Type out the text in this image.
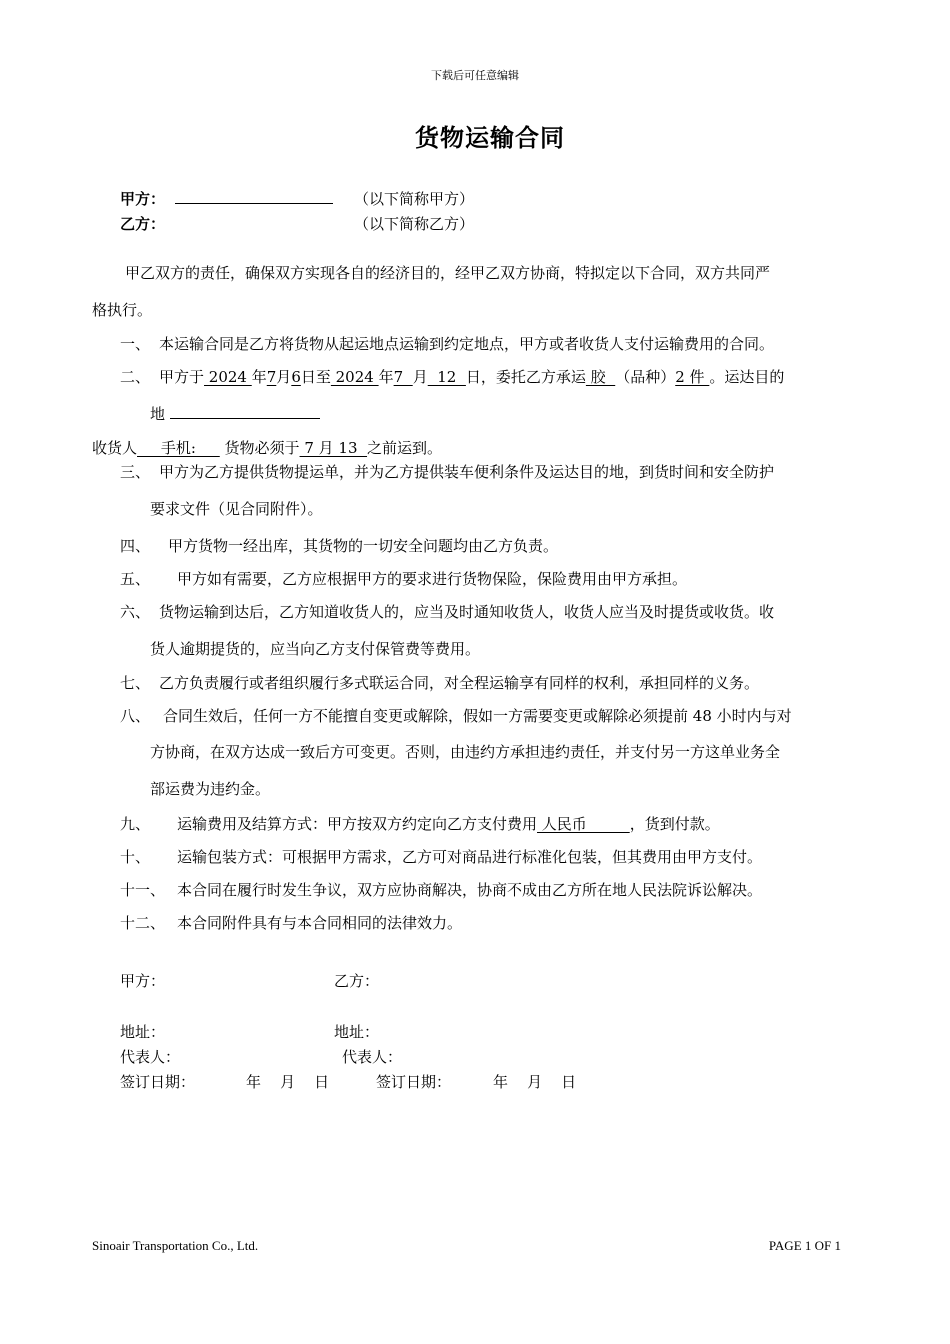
下载后可任意编辑
货物运输合同
甲方：	（以下简称甲方）
乙方：	（以下简称乙方）
甲乙双方的责任，确保双方实现各自的经济目的，经甲乙双方协商，特拟定以下合同，双方共同严
格执行。
一、 本运输合同是乙方将货物从起运地点运输到约定地点，甲方或者收货人支付运输费用的合同。
二、 甲方于 2024 年7月6日至 2024 年7  月  12  日，委托乙方承运 胶  （品种）2 件 。运达目的
地
收货人     手机:      货物必须于 7 月 13  之前运到。
三、 甲方为乙方提供货物提运单，并为乙方提供装车便利条件及运达目的地，到货时间和安全防护
要求文件（见合同附件）。
四、 甲方货物一经出库，其货物的一切安全问题均由乙方负责。
五、 甲方如有需要，乙方应根据甲方的要求进行货物保险，保险费用由甲方承担。
六、 货物运输到达后，乙方知道收货人的，应当及时通知收货人，收货人应当及时提货或收货。收
货人逾期提货的，应当向乙方支付保管费等费用。
七、 乙方负责履行或者组织履行多式联运合同，对全程运输享有同样的权利，承担同样的义务。
八、 合同生效后，任何一方不能擅自变更或解除，假如一方需要变更或解除必须提前 48 小时内与对
方协商，在双方达成一致后方可变更。否则，由违约方承担违约责任，并支付另一方这单业务全
部运费为违约金。
九、 运输费用及结算方式：甲方按双方约定向乙方支付费用 人民币         ，货到付款。
十、 运输包装方式：可根据甲方需求，乙方可对商品进行标准化包装，但其费用由甲方支付。
十一、 本合同在履行时发生争议，双方应协商解决，协商不成由乙方所在地人民法院诉讼解决。
十二、 本合同附件具有与本合同相同的法律效力。
甲方：	乙方：
地址：	地址：
代表人：	代表人：
签订日期：	年    月    日	签订日期：	年    月    日
Sinoair Transportation Co., Ltd.	PAGE 1 OF 1
